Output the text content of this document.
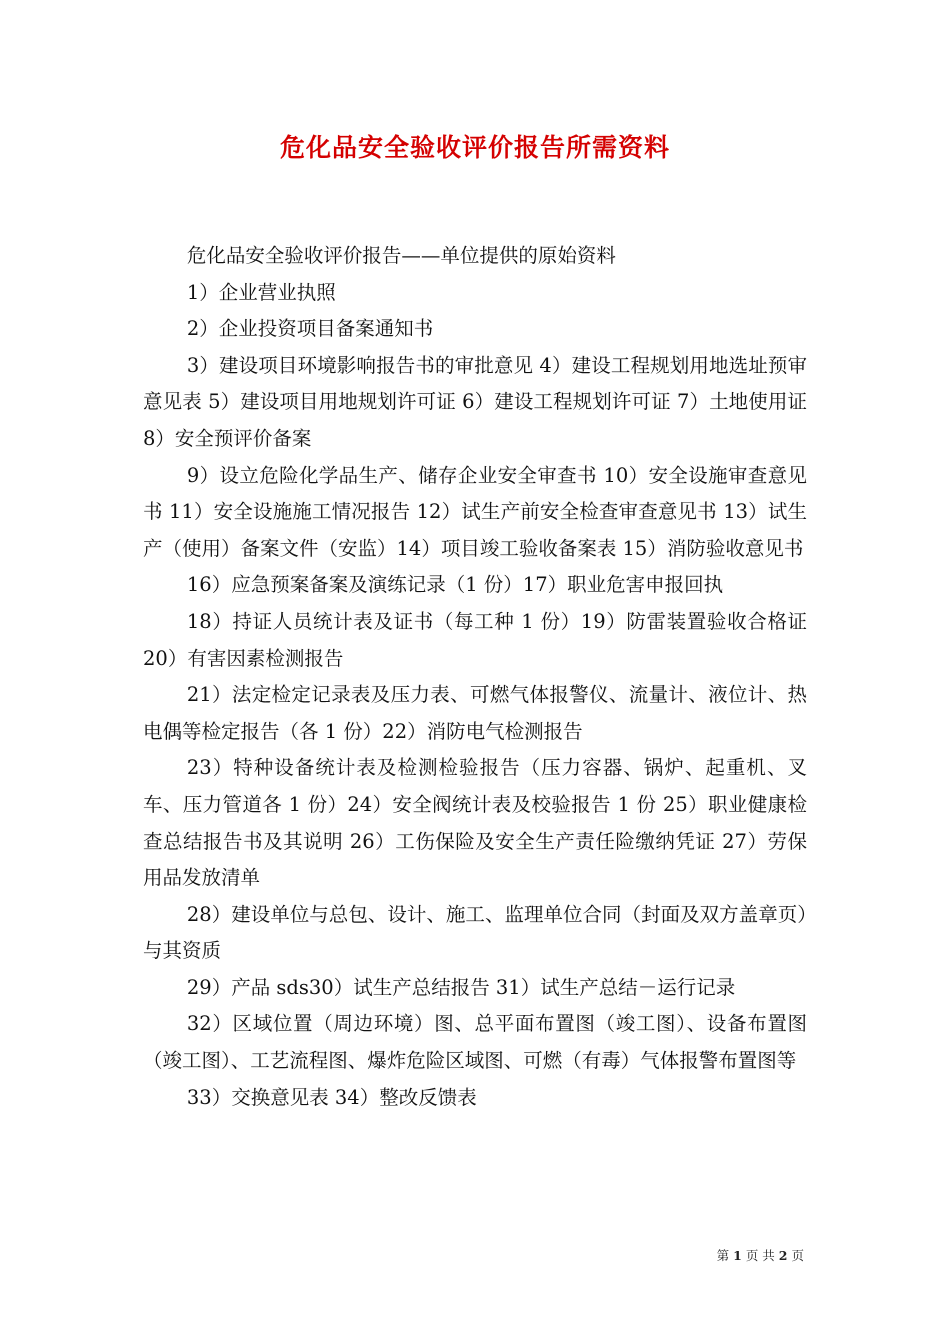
危化品安全验收评价报告所需资料

危化品安全验收评价报告——单位提供的原始资料

1）企业营业执照

2）企业投资项目备案通知书

3）建设项目环境影响报告书的审批意见 4）建设工程规划用地选址预审意见表 5）建设项目用地规划许可证 6）建设工程规划许可证 7）土地使用证 8）安全预评价备案

9）设立危险化学品生产、储存企业安全审查书 10）安全设施审查意见书 11）安全设施施工情况报告 12）试生产前安全检查审查意见书 13）试生产（使用）备案文件（安监）14）项目竣工验收备案表 15）消防验收意见书

16）应急预案备案及演练记录（1 份）17）职业危害申报回执

18）持证人员统计表及证书（每工种 1 份）19）防雷装置验收合格证 20）有害因素检测报告

21）法定检定记录表及压力表、可燃气体报警仪、流量计、液位计、热电偶等检定报告（各 1 份）22）消防电气检测报告

23）特种设备统计表及检测检验报告（压力容器、锅炉、起重机、叉车、压力管道各 1 份）24）安全阀统计表及校验报告 1 份 25）职业健康检查总结报告书及其说明 26）工伤保险及安全生产责任险缴纳凭证 27）劳保用品发放清单

28）建设单位与总包、设计、施工、监理单位合同（封面及双方盖章页）与其资质

29）产品 sds30）试生产总结报告 31）试生产总结－运行记录

32）区域位置（周边环境）图、总平面布置图（竣工图）、设备布置图（竣工图）、工艺流程图、爆炸危险区域图、可燃（有毒）气体报警布置图等

33）交换意见表 34）整改反馈表

第 1 页 共 2 页
